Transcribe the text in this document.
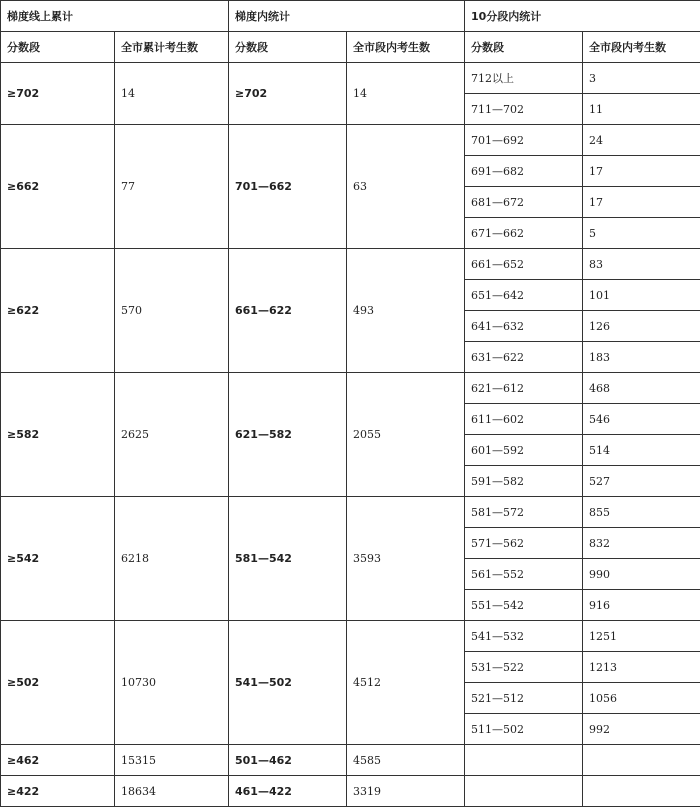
梯度线上累计		梯度内统计		10分段内统计	
分数段	全市累计考生数	分数段	全市段内考生数	分数段	全市段内考生数
≥702	14	≥702	14	712以上	3
				711—702	11
≥662	77	701—662	63	701—692	24
				691—682	17
				681—672	17
				671—662	5
≥622	570	661—622	493	661—652	83
				651—642	101
				641—632	126
				631—622	183
≥582	2625	621—582	2055	621—612	468
				611—602	546
				601—592	514
				591—582	527
≥542	6218	581—542	3593	581—572	855
				571—562	832
				561—552	990
				551—542	916
≥502	10730	541—502	4512	541—532	1251
				531—522	1213
				521—512	1056
				511—502	992
≥462	15315	501—462	4585		
≥422	18634	461—422	3319		
